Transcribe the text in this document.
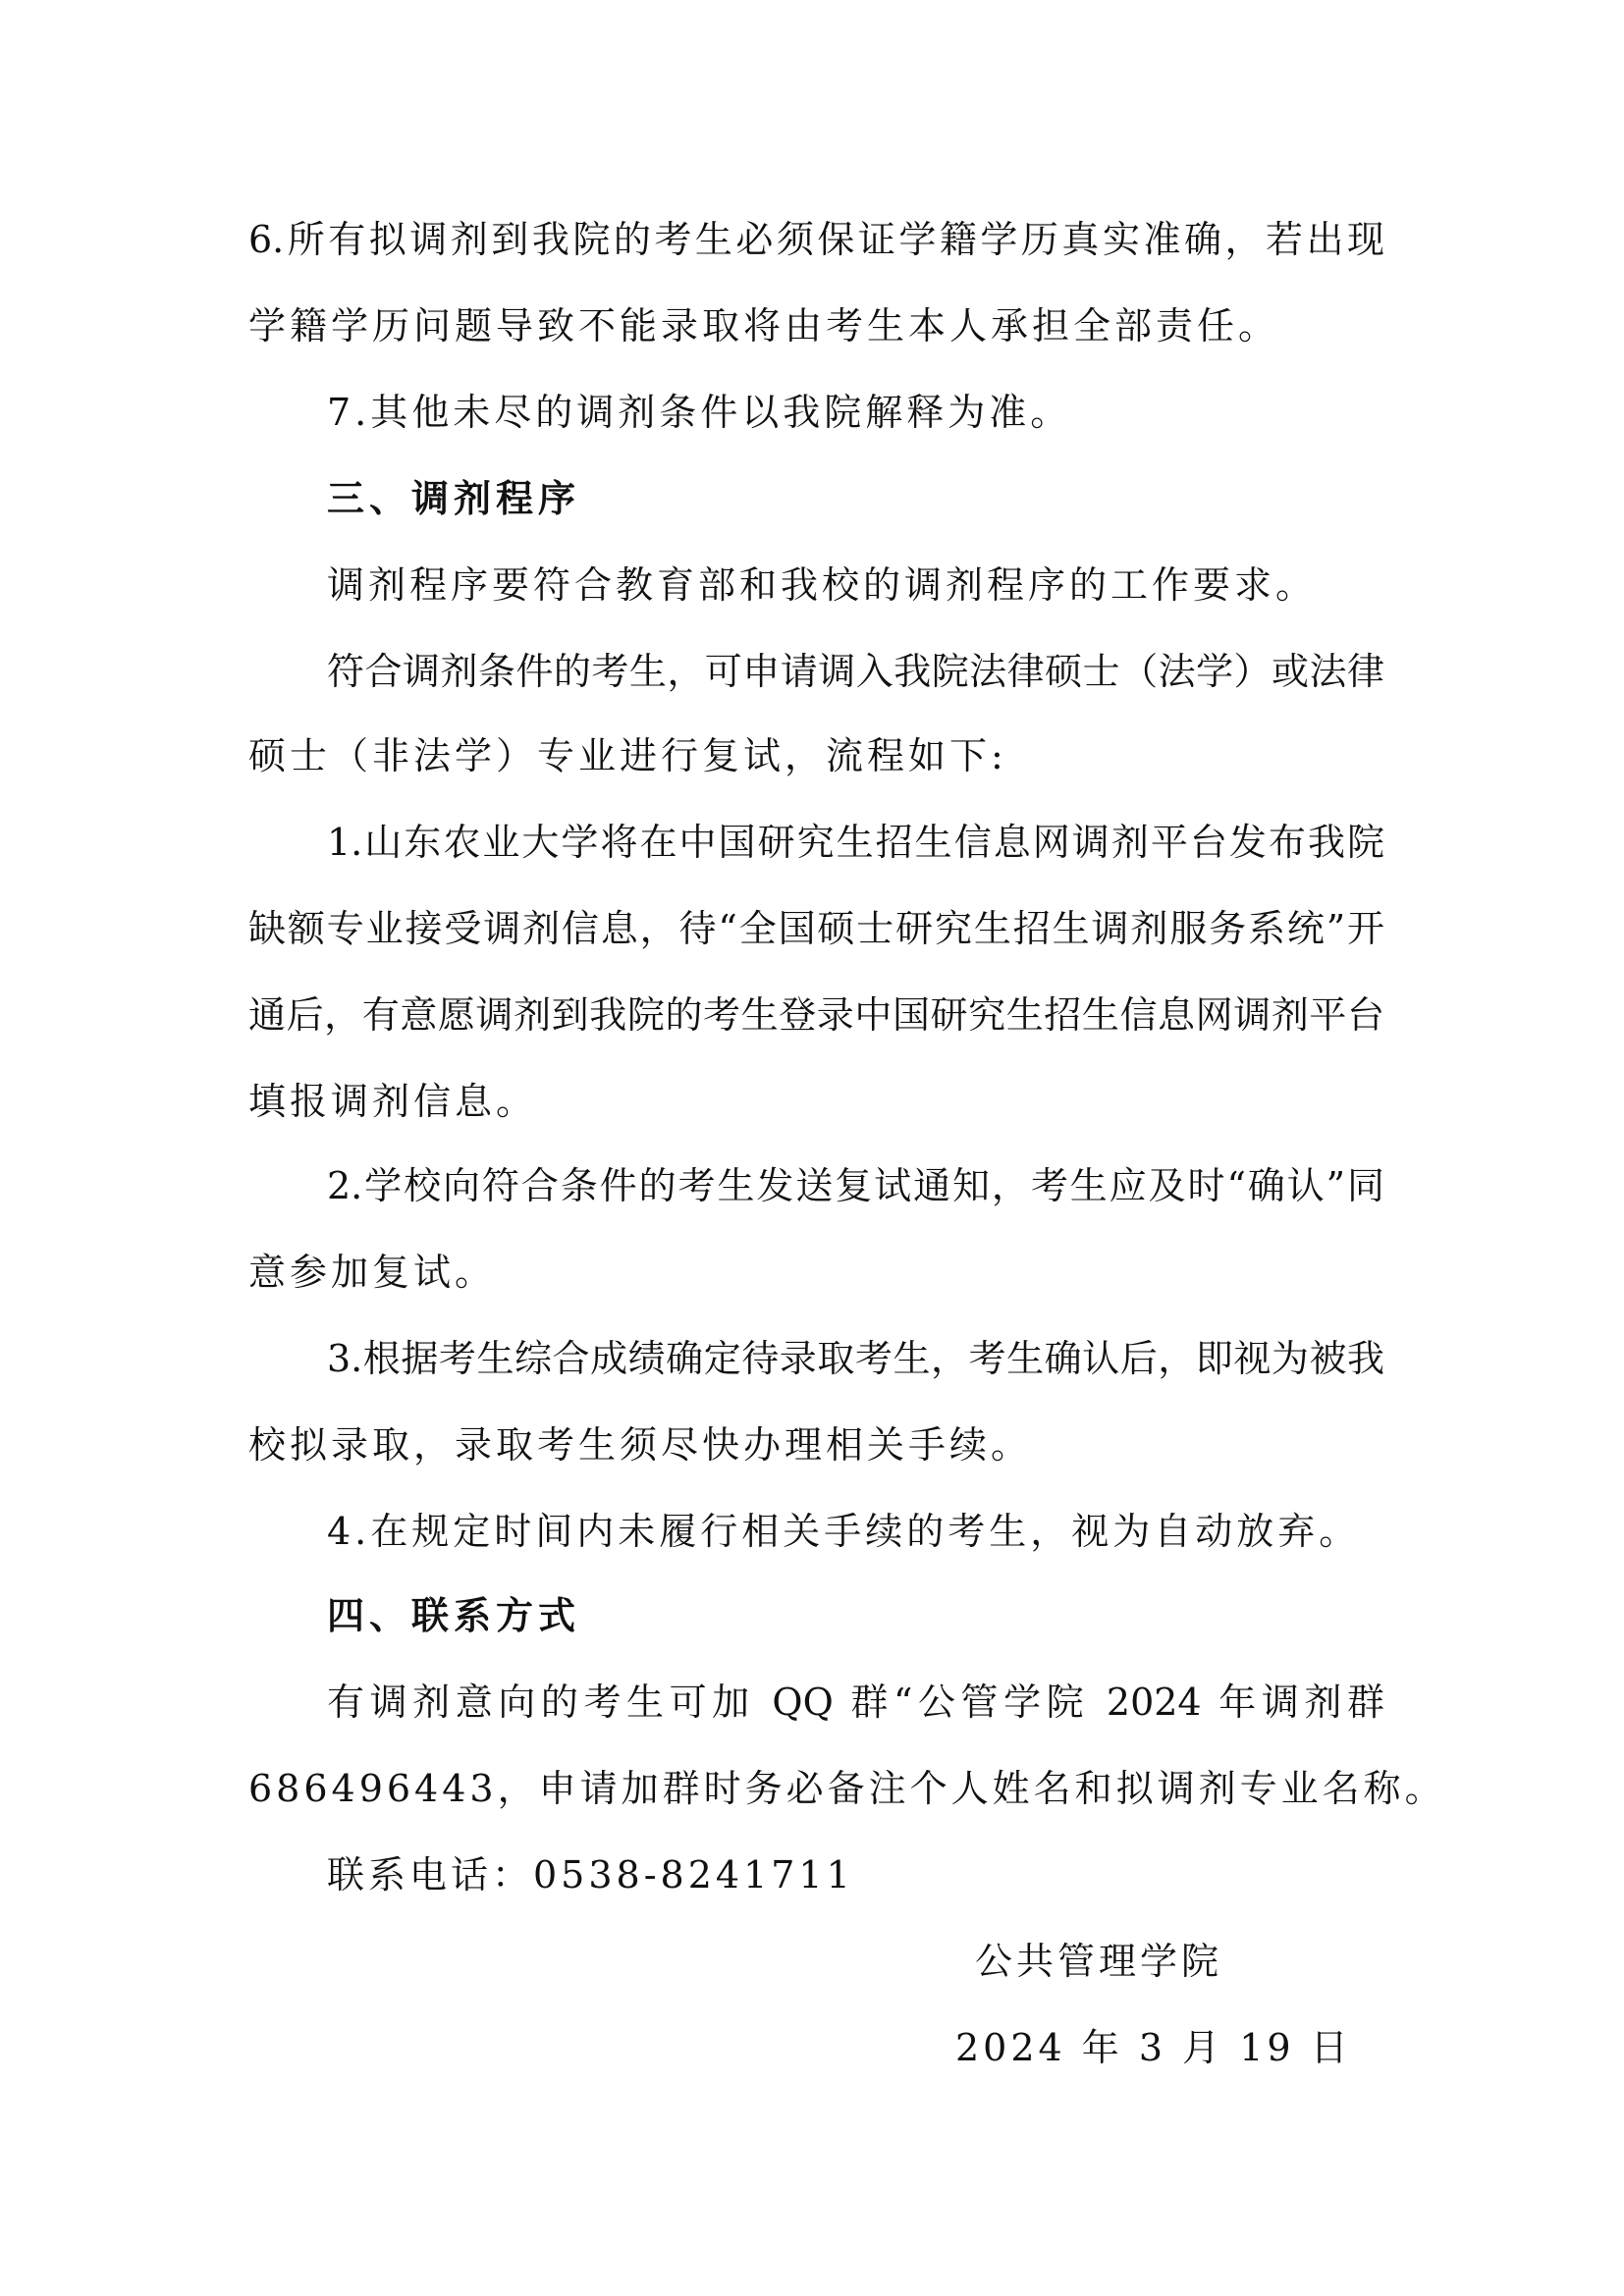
6.所有拟调剂到我院的考生必须保证学籍学历真实准确，若出现
学籍学历问题导致不能录取将由考生本人承担全部责任。
7.其他未尽的调剂条件以我院解释为准。
三、调剂程序
调剂程序要符合教育部和我校的调剂程序的工作要求。
符合调剂条件的考生，可申请调入我院法律硕士（法学）或法律
硕士（非法学）专业进行复试，流程如下:
1.山东农业大学将在中国研究生招生信息网调剂平台发布我院
缺额专业接受调剂信息，待“全国硕士研究生招生调剂服务系统”开
通后，有意愿调剂到我院的考生登录中国研究生招生信息网调剂平台
填报调剂信息。
2.学校向符合条件的考生发送复试通知，考生应及时“确认”同
意参加复试。
3.根据考生综合成绩确定待录取考生，考生确认后，即视为被我
校拟录取，录取考生须尽快办理相关手续。
4.在规定时间内未履行相关手续的考生，视为自动放弃。
四、联系方式
有调剂意向的考生可加 QQ 群“公管学院 2024 年调剂群
686496443，申请加群时务必备注个人姓名和拟调剂专业名称。
联系电话：0538-8241711
公共管理学院
2024 年 3 月 19 日
